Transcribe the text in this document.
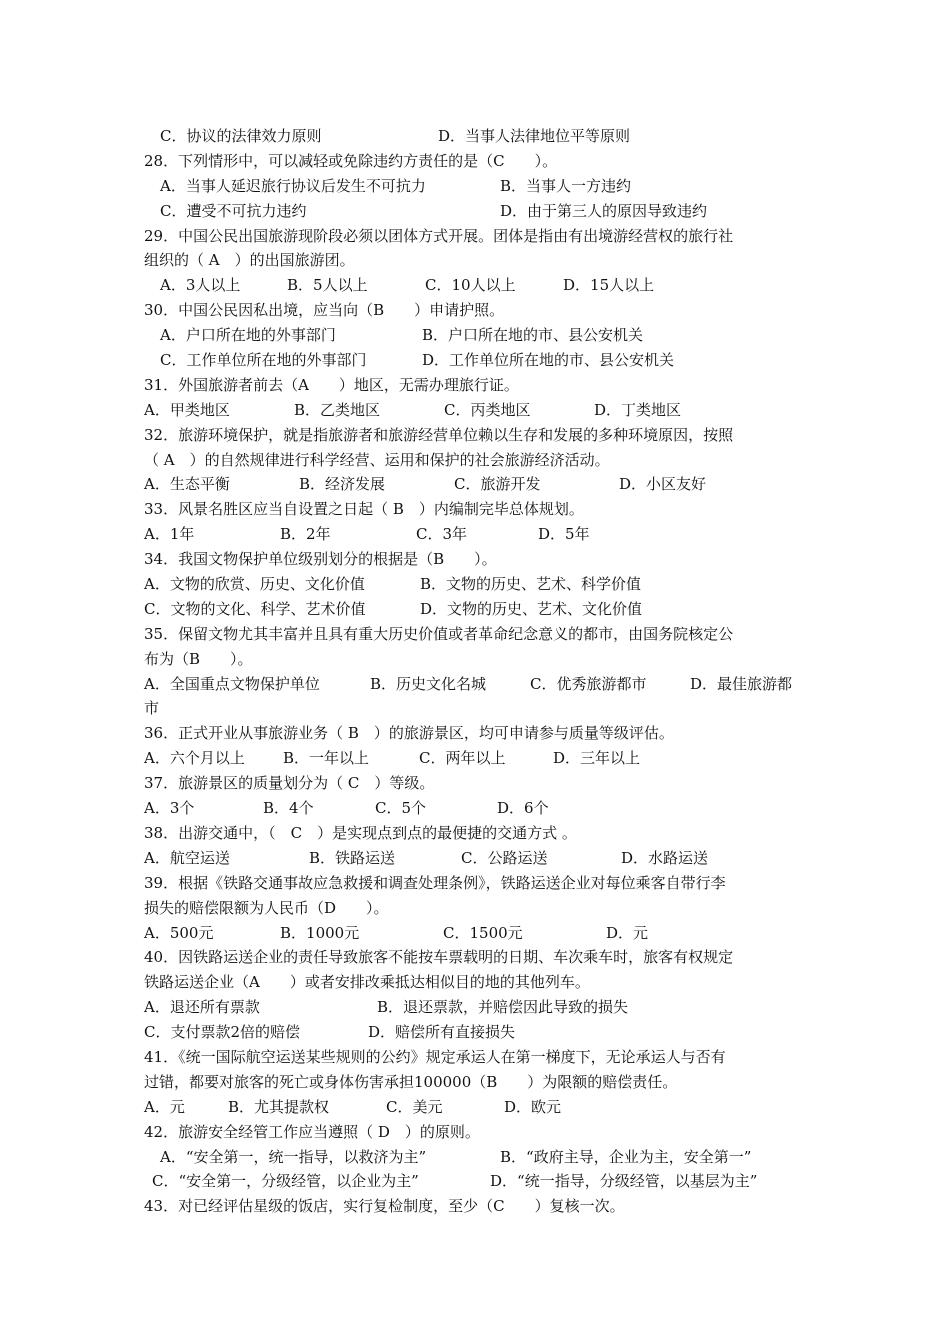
C．协议的法律效力原则	D．当事人法律地位平等原则
28．下列情形中，可以减轻或免除违约方责任的是（C　　）。
A．当事人延迟旅行协议后发生不可抗力	B．当事人一方违约
C．遭受不可抗力违约	D．由于第三人的原因导致违约
29．中国公民出国旅游现阶段必须以团体方式开展。团体是指由有出境游经营权的旅行社
组织的（ A　）的出国旅游团。
A．3人以上	B．5人以上	C．10人以上	D．15人以上
30．中国公民因私出境，应当向（B　　）申请护照。
A．户口所在地的外事部门	B．户口所在地的市、县公安机关
C．工作单位所在地的外事部门	D．工作单位所在地的市、县公安机关
31．外国旅游者前去（A　　）地区，无需办理旅行证。
A．甲类地区	B．乙类地区	C．丙类地区	D．丁类地区
32．旅游环境保护，就是指旅游者和旅游经营单位赖以生存和发展的多种环境原因，按照
（ A　）的自然规律进行科学经营、运用和保护的社会旅游经济活动。
A．生态平衡	B．经济发展	C．旅游开发	D．小区友好
33．风景名胜区应当自设置之日起（ B　）内编制完毕总体规划。
A．1年	B．2年	C．3年	D．5年
34．我国文物保护单位级别划分的根据是（B　　）。
A．文物的欣赏、历史、文化价值	B．文物的历史、艺术、科学价值
C．文物的文化、科学、艺术价值	D．文物的历史、艺术、文化价值
35．保留文物尤其丰富并且具有重大历史价值或者革命纪念意义的都市，由国务院核定公
布为（B　　）。
A．全国重点文物保护单位	B．历史文化名城	C．优秀旅游都市	D．最佳旅游都
市
36．正式开业从事旅游业务（ B　）的旅游景区，均可申请参与质量等级评估。
A．六个月以上	B．一年以上	C．两年以上	D．三年以上
37．旅游景区的质量划分为（ C　）等级。
A．3个	B．4个	C．5个	D．6个
38．出游交通中，（　C　）是实现点到点的最便捷的交通方式 。
A．航空运送	B．铁路运送	C．公路运送	D．水路运送
39．根据《铁路交通事故应急救援和调查处理条例》，铁路运送企业对每位乘客自带行李
损失的赔偿限额为人民币（D　　）。
A．500元	B．1000元	C．1500元	D．元
40．因铁路运送企业的责任导致旅客不能按车票载明的日期、车次乘车时，旅客有权规定
铁路运送企业（A　　）或者安排改乘抵达相似目的地的其他列车。
A．退还所有票款	B．退还票款，并赔偿因此导致的损失
C．支付票款2倍的赔偿	D．赔偿所有直接损失
41．《统一国际航空运送某些规则的公约》规定承运人在第一梯度下，无论承运人与否有
过错，都要对旅客的死亡或身体伤害承担100000（B　　）为限额的赔偿责任。
A．元	B．尤其提款权	C．美元	D．欧元
42．旅游安全经管工作应当遵照（ D　）的原则。
A．“安全第一，统一指导，以救济为主”	B．“政府主导，企业为主，安全第一”
C．“安全第一，分级经管，以企业为主”	D．“统一指导，分级经管，以基层为主”
43．对已经评估星级的饭店，实行复检制度，至少（C　　）复核一次。
